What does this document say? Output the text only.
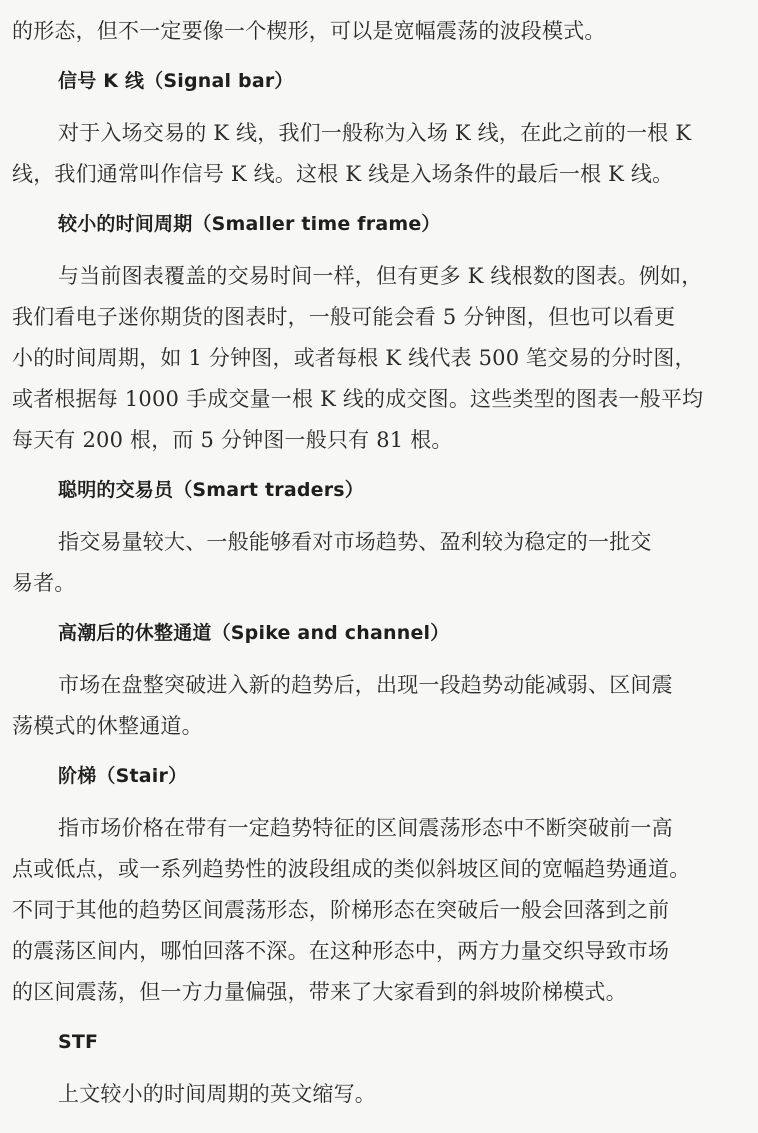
的形态，但不一定要像一个楔形，可以是宽幅震荡的波段模式。
信号 K 线（Signal bar）
对于入场交易的 K 线，我们一般称为入场 K 线，在此之前的一根 K
线，我们通常叫作信号 K 线。这根 K 线是入场条件的最后一根 K 线。
较小的时间周期（Smaller time frame）
与当前图表覆盖的交易时间一样，但有更多 K 线根数的图表。例如，
我们看电子迷你期货的图表时，一般可能会看 5 分钟图，但也可以看更
小的时间周期，如 1 分钟图，或者每根 K 线代表 500 笔交易的分时图，
或者根据每 1000 手成交量一根 K 线的成交图。这些类型的图表一般平均
每天有 200 根，而 5 分钟图一般只有 81 根。
聪明的交易员（Smart traders）
指交易量较大、一般能够看对市场趋势、盈利较为稳定的一批交
易者。
高潮后的休整通道（Spike and channel）
市场在盘整突破进入新的趋势后，出现一段趋势动能减弱、区间震
荡模式的休整通道。
阶梯（Stair）
指市场价格在带有一定趋势特征的区间震荡形态中不断突破前一高
点或低点，或一系列趋势性的波段组成的类似斜坡区间的宽幅趋势通道。
不同于其他的趋势区间震荡形态，阶梯形态在突破后一般会回落到之前
的震荡区间内，哪怕回落不深。在这种形态中，两方力量交织导致市场
的区间震荡，但一方力量偏强，带来了大家看到的斜坡阶梯模式。
STF
上文较小的时间周期的英文缩写。
